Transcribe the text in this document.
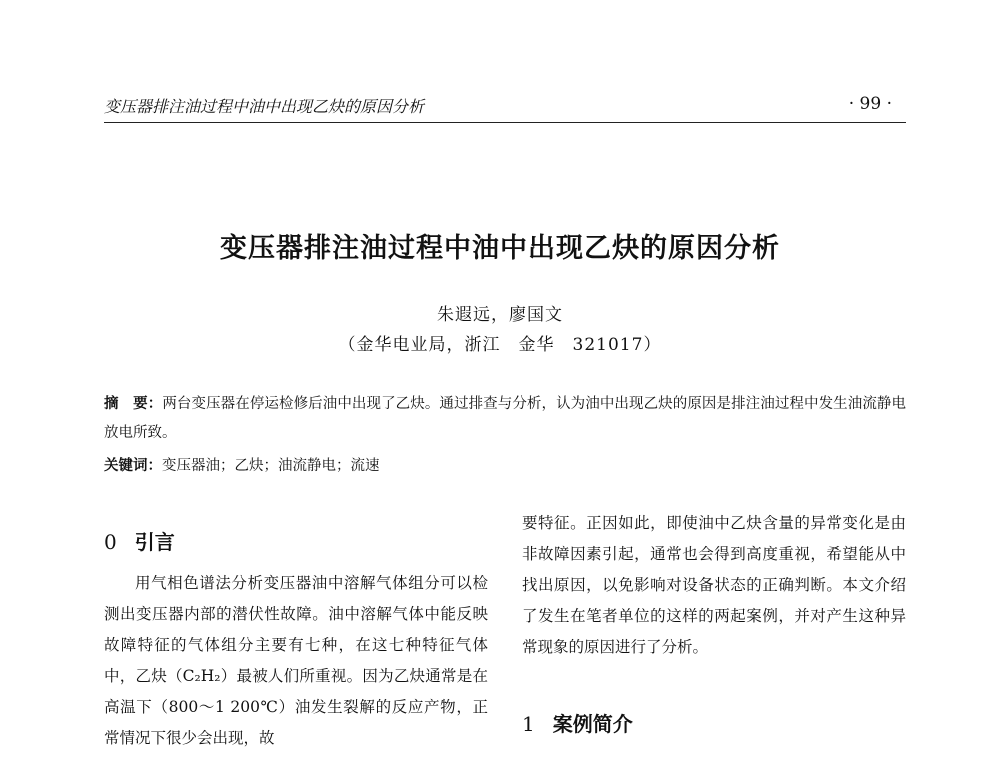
变压器排注油过程中油中出现乙炔的原因分析	· 99 ·
变压器排注油过程中油中出现乙炔的原因分析
朱遐远，廖国文
（金华电业局，浙江　金华　321017）
摘　要：两台变压器在停运检修后油中出现了乙炔。通过排查与分析，认为油中出现乙炔的原因是排注油过程中发生油流静电放电所致。
关键词：变压器油；乙炔；油流静电；流速
0 引言
用气相色谱法分析变压器油中溶解气体组分可以检测出变压器内部的潜伏性故障。油中溶解气体中能反映故障特征的气体组分主要有七种，在这七种特征气体中，乙炔（C₂H₂）最被人们所重视。因为乙炔通常是在高温下（800～1 200℃）油发生裂解的反应产物，正常情况下很少会出现，故
要特征。正因如此，即使油中乙炔含量的异常变化是由非故障因素引起，通常也会得到高度重视，希望能从中找出原因，以免影响对设备状态的正确判断。本文介绍了发生在笔者单位的这样的两起案例，并对产生这种异常现象的原因进行了分析。
1 案例简介
